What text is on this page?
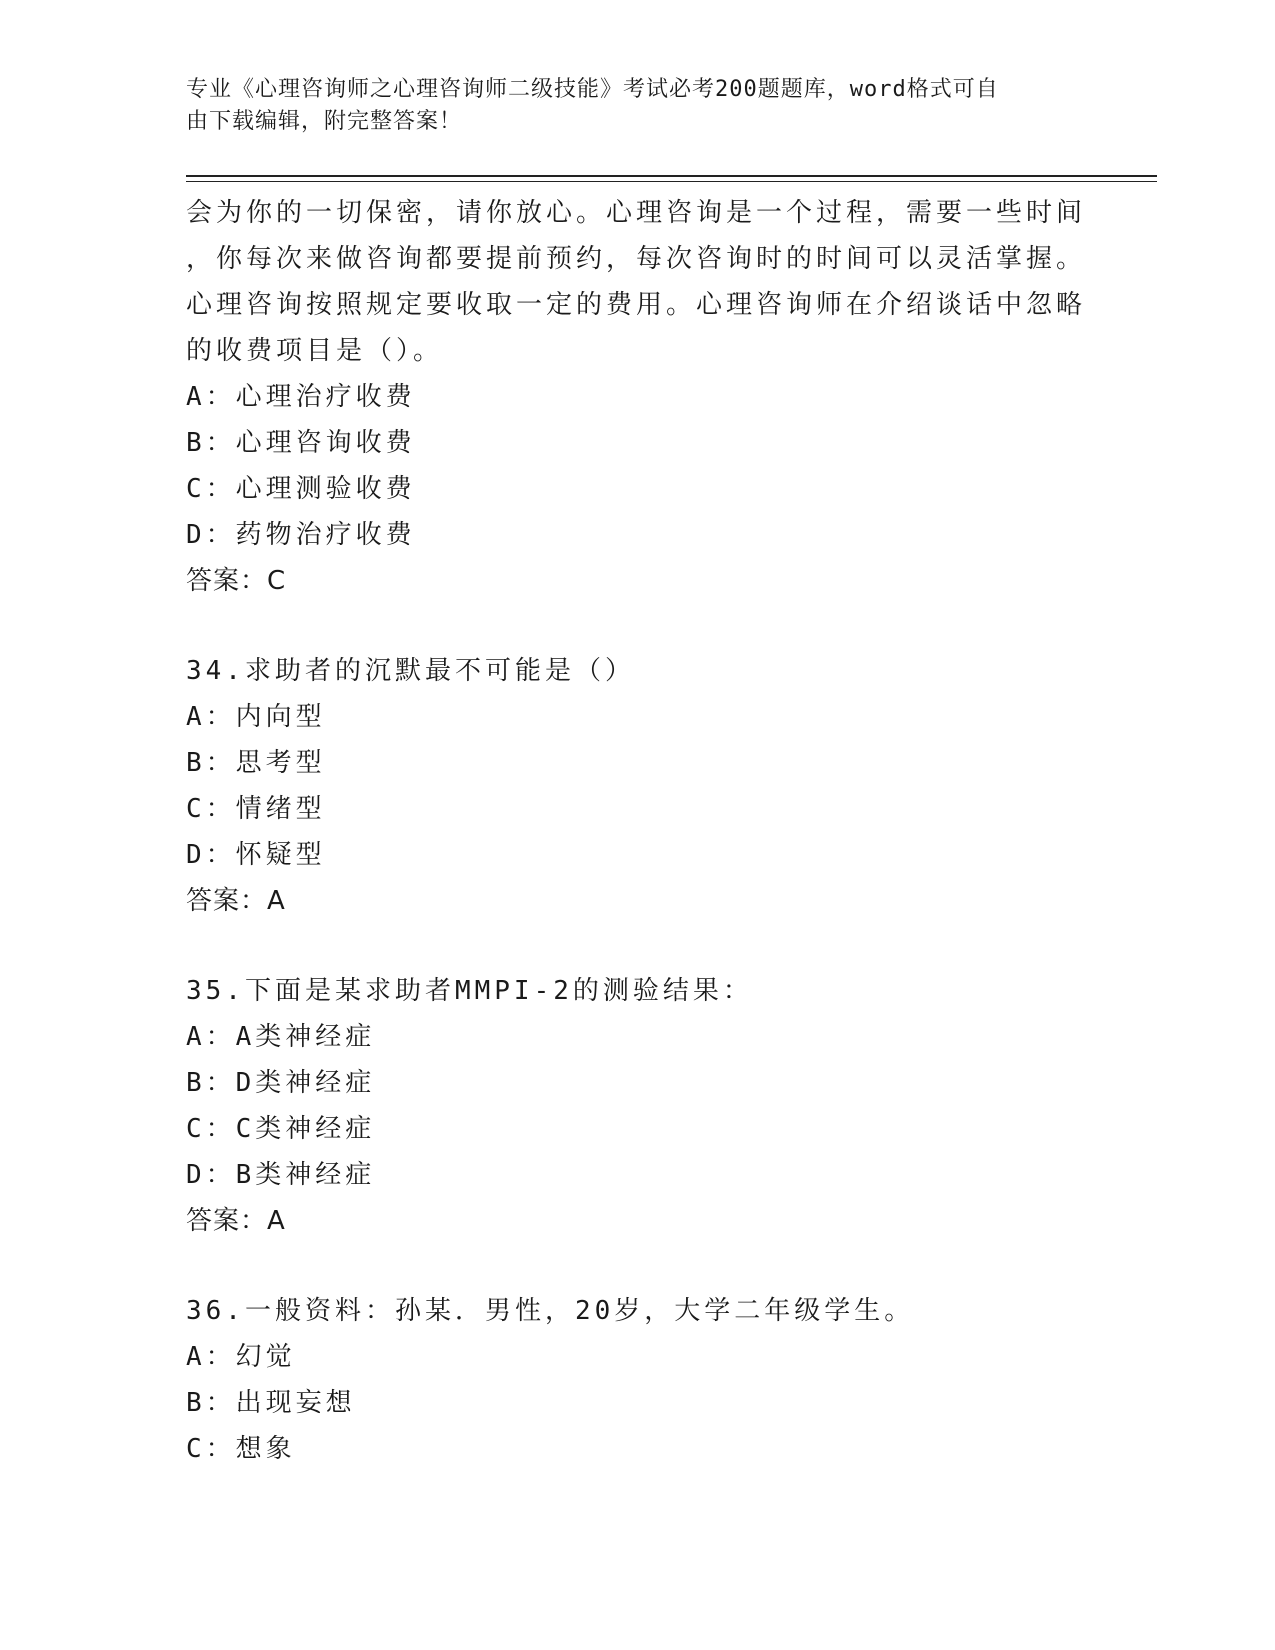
专业《心理咨询师之心理咨询师二级技能》考试必考200题题库，word格式可自
由下载编辑，附完整答案！
会为你的一切保密，请你放心。心理咨询是一个过程，需要一些时间
，你每次来做咨询都要提前预约，每次咨询时的时间可以灵活掌握。
心理咨询按照规定要收取一定的费用。心理咨询师在介绍谈话中忽略
的收费项目是（）。
A：心理治疗收费
B：心理咨询收费
C：心理测验收费
D：药物治疗收费
答案：C
34.求助者的沉默最不可能是（）
A：内向型
B：思考型
C：情绪型
D：怀疑型
答案：A
35.下面是某求助者MMPI-2的测验结果：
A：A类神经症
B：D类神经症
C：C类神经症
D：B类神经症
答案：A
36.一般资料：孙某．男性，20岁，大学二年级学生。
A：幻觉
B：出现妄想
C：想象
